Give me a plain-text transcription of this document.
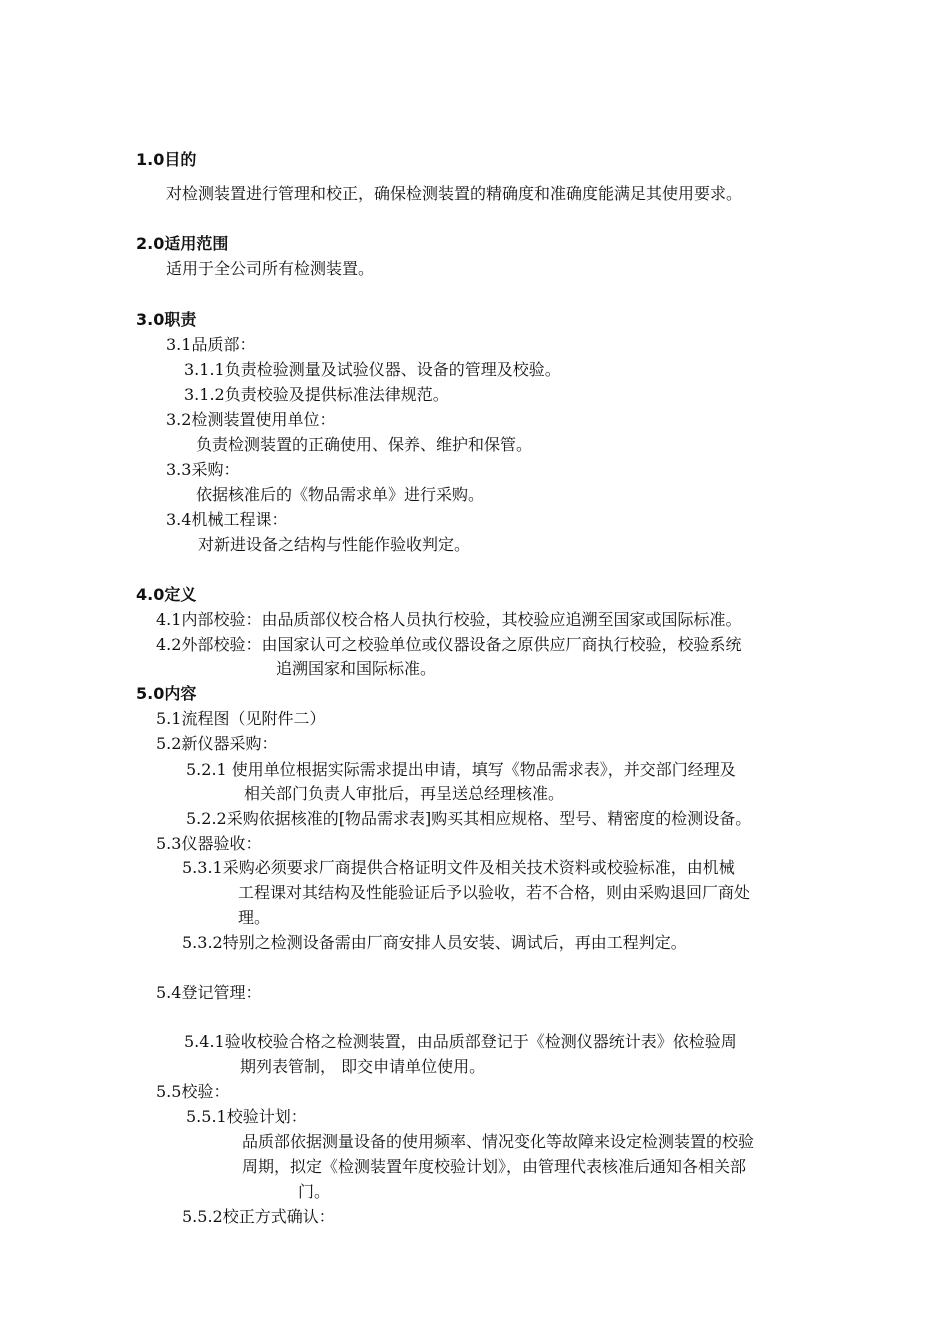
1.0目的
对检测装置进行管理和校正，确保检测装置的精确度和准确度能满足其使用要求。
2.0适用范围
适用于全公司所有检测装置。
3.0职责
3.1品质部：
3.1.1负责检验测量及试验仪器、设备的管理及校验。
3.1.2负责校验及提供标准法律规范。
3.2检测装置使用单位：
负责检测装置的正确使用、保养、维护和保管。
3.3采购：
依据核准后的《物品需求单》进行采购。
3.4机械工程课：
对新进设备之结构与性能作验收判定。
4.0定义
4.1内部校验：由品质部仪校合格人员执行校验，其校验应追溯至国家或国际标准。
4.2外部校验：由国家认可之校验单位或仪器设备之原供应厂商执行校验，校验系统
追溯国家和国际标准。
5.0内容
5.1流程图（见附件二）
5.2新仪器采购：
5.2.1 使用单位根据实际需求提出申请，填写《物品需求表》，并交部门经理及
相关部门负责人审批后，再呈送总经理核准。
5.2.2采购依据核准的[物品需求表]购买其相应规格、型号、精密度的检测设备。
5.3仪器验收：
5.3.1采购必须要求厂商提供合格证明文件及相关技术资料或校验标准，由机械
工程课对其结构及性能验证后予以验收，若不合格，则由采购退回厂商处
理。
5.3.2特别之检测设备需由厂商安排人员安装、调试后，再由工程判定。
5.4登记管理：
5.4.1验收校验合格之检测装置，由品质部登记于《检测仪器统计表》依检验周
期列表管制， 即交申请单位使用。
5.5校验：
5.5.1校验计划：
品质部依据测量设备的使用频率、情况变化等故障来设定检测装置的校验
周期，拟定《检测装置年度校验计划》，由管理代表核准后通知各相关部
门。
5.5.2校正方式确认：
